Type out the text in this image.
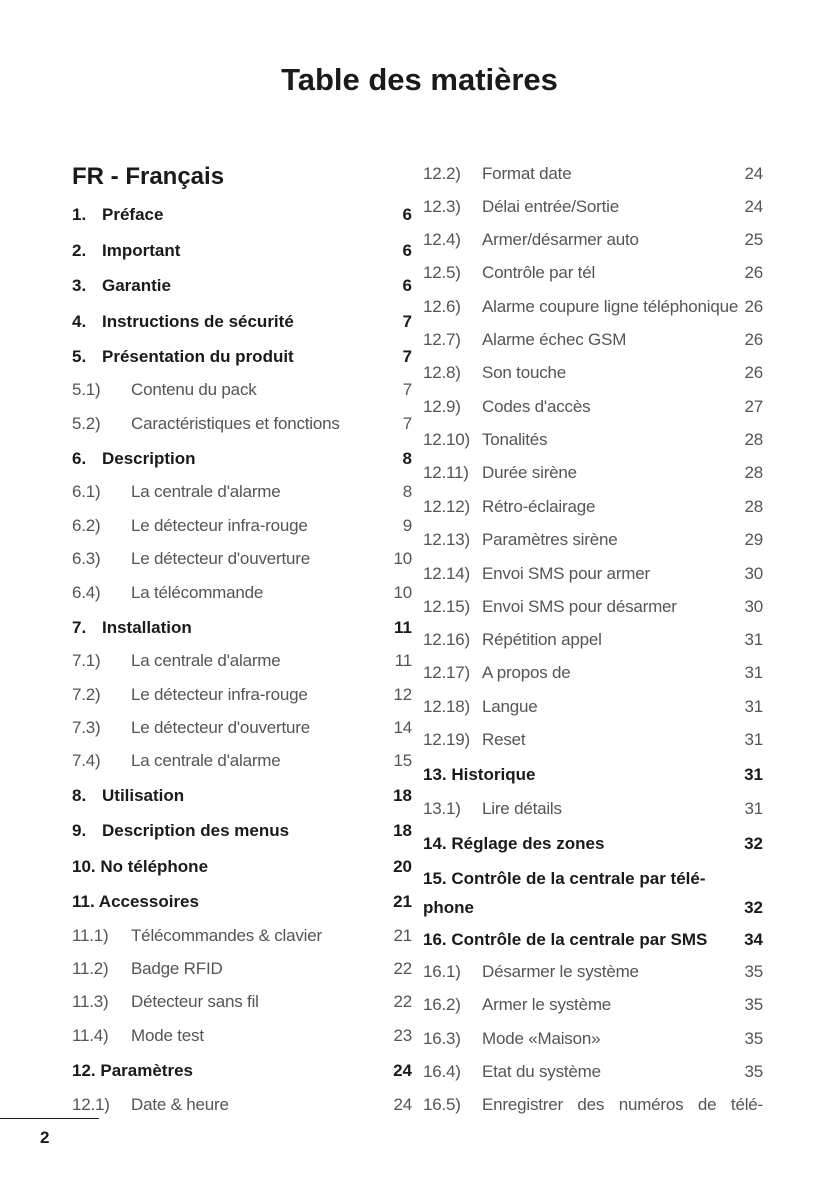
Table des matières
FR - Français
1. Préface	6
2. Important	6
3. Garantie	6
4. Instructions de sécurité	7
5. Présentation du produit	7
5.1) Contenu du pack	7
5.2) Caractéristiques et fonctions	7
6. Description	8
6.1) La centrale d'alarme	8
6.2) Le détecteur infra-rouge	9
6.3) Le détecteur d'ouverture	10
6.4) La télécommande	10
7. Installation	11
7.1) La centrale d'alarme	11
7.2) Le détecteur infra-rouge	12
7.3) Le détecteur d'ouverture	14
7.4) La centrale d'alarme	15
8. Utilisation	18
9. Description des menus	18
10. No téléphone	20
11. Accessoires	21
11.1) Télécommandes & clavier	21
11.2) Badge RFID	22
11.3) Détecteur sans fil	22
11.4) Mode test	23
12. Paramètres	24
12.1) Date & heure	24
12.2) Format date	24
12.3) Délai entrée/Sortie	24
12.4) Armer/désarmer auto	25
12.5) Contrôle par tél	26
12.6) Alarme coupure ligne téléphonique 26
12.7) Alarme échec GSM	26
12.8) Son touche	26
12.9) Codes d'accès	27
12.10) Tonalités	28
12.11) Durée sirène	28
12.12) Rétro-éclairage	28
12.13) Paramètres sirène	29
12.14) Envoi SMS pour armer	30
12.15) Envoi SMS pour désarmer	30
12.16) Répétition appel	31
12.17) A propos de	31
12.18) Langue	31
12.19) Reset	31
13. Historique	31
13.1) Lire détails	31
14. Réglage des zones	32
15. Contrôle de la centrale par télé-
phone	32
16. Contrôle de la centrale par SMS 34
16.1) Désarmer le système	35
16.2) Armer le système	35
16.3) Mode «Maison»	35
16.4) Etat du système	35
16.5) Enregistrer des numéros de télé-
2
